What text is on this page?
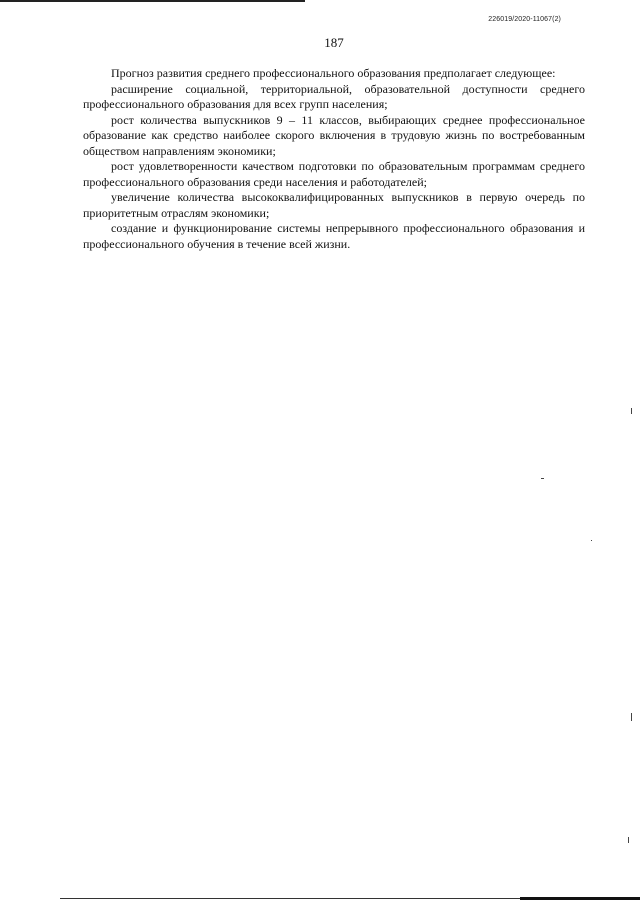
226019/2020-11067(2)
187

Прогноз развития среднего профессионального образования предполагает следующее:

расширение социальной, территориальной, образовательной доступности среднего профессионального образования для всех групп населения;

рост количества выпускников 9 – 11 классов, выбирающих среднее профессиональное образование как средство наиболее скорого включения в трудовую жизнь по востребованным обществом направлениям экономики;

рост удовлетворенности качеством подготовки по образовательным программам среднего профессионального образования среди населения и работодателей;

увеличение количества высококвалифицированных выпускников в первую очередь по приоритетным отраслям экономики;

создание и функционирование системы непрерывного профессионального образования и профессионального обучения в течение всей жизни.
